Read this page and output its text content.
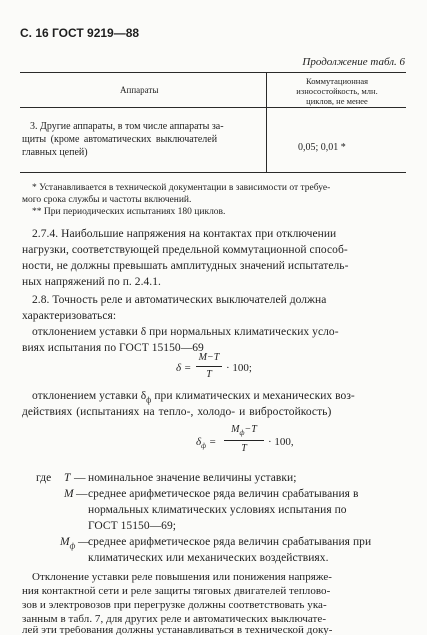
С. 16 ГОСТ 9219—88
Продолжение табл. 6
Аппараты
Коммутационная
износостойкость, млн.
циклов, не менее
3. Другие аппараты, в том числе аппараты за-
щиты (кроме автоматических выключателей
главных цепей)	0,05; 0,01 *
* Устанавливается в технической документации в зависимости от требуе-
мого срока службы и частоты включений.
** При периодических испытаниях 180 циклов.
2.7.4. Наибольшие напряжения на контактах при отключении
нагрузки, соответствующей предельной коммутационной способ-
ности, не должны превышать амплитудных значений испытатель-
ных напряжений по п. 2.4.1.
2.8. Точность реле и автоматических выключателей должна
характеризоваться:
отклонением уставки δ при нормальных климатических усло-
виях испытания по ГОСТ 15150—69
δ =
M−T
T
· 100;
отклонением уставки $\delta_ф$ при климатических и механических воз-
действиях (испытаниях на тепло-, холодо- и вибростойкость)
$\delta_ф$ =
$M_ф-T$
T
· 100,
где T — номинальное значение величины уставки;
M — среднее арифметическое ряда величин срабатывания в
нормальных климатических условиях испытания по
ГОСТ 15150—69;
$M_ф$ —
среднее арифметическое ряда величин срабатывания при
климатических или механических воздействиях.
Отклонение уставки реле повышения или понижения напряже-
ния контактной сети и реле защиты тяговых двигателей теплово-
зов и электровозов при перегрузке должны соответствовать ука-
занным в табл. 7, для других реле и автоматических выключате-
лей эти требования должны устанавливаться в технической доку-
